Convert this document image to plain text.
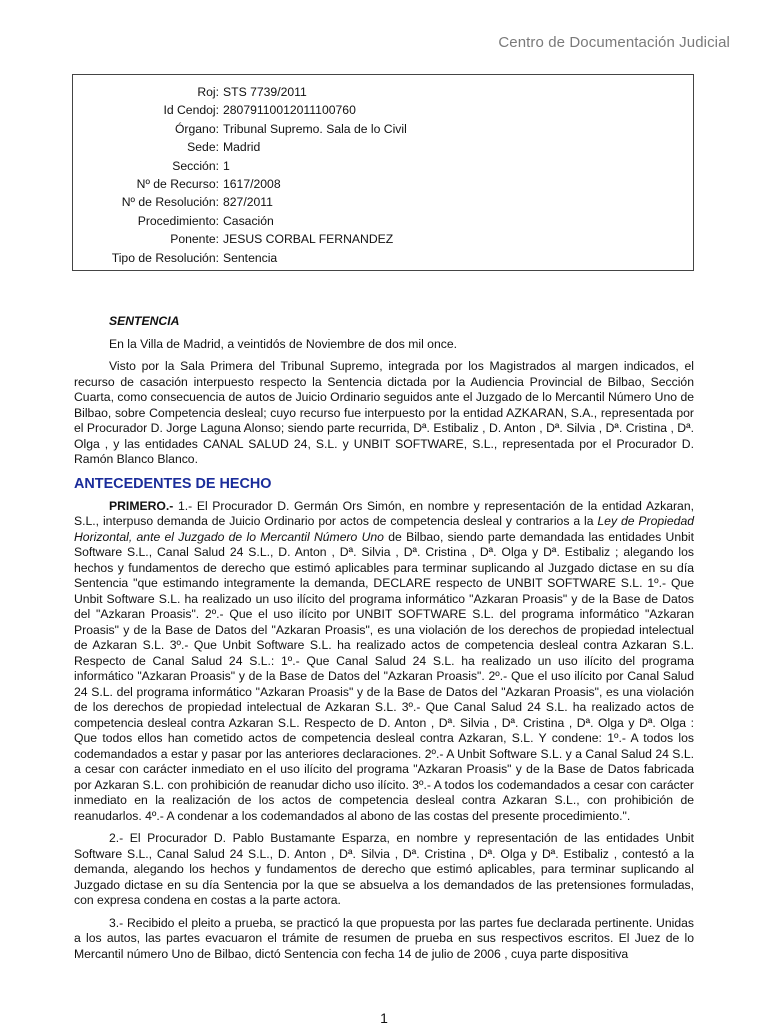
Centro de Documentación Judicial
Roj:	STS 7739/2011
Id Cendoj:	28079110012011100760
Órgano:	Tribunal Supremo. Sala de lo Civil
Sede:	Madrid
Sección:	1
Nº de Recurso:	1617/2008
Nº de Resolución:	827/2011
Procedimiento:	Casación
Ponente:	JESUS CORBAL FERNANDEZ
Tipo de Resolución:	Sentencia

SENTENCIA

En la Villa de Madrid, a veintidós de Noviembre de dos mil once.

Visto por la Sala Primera del Tribunal Supremo, integrada por los Magistrados al margen indicados, el recurso de casación interpuesto respecto la Sentencia dictada por la Audiencia Provincial de Bilbao, Sección Cuarta, como consecuencia de autos de Juicio Ordinario seguidos ante el Juzgado de lo Mercantil Número Uno de Bilbao, sobre Competencia desleal; cuyo recurso fue interpuesto por la entidad AZKARAN, S.A., representada por el Procurador D. Jorge Laguna Alonso; siendo parte recurrida, Dª. Estibaliz , D. Anton , Dª. Silvia , Dª. Cristina , Dª. Olga , y las entidades CANAL SALUD 24, S.L. y UNBIT SOFTWARE, S.L., representada por el Procurador D. Ramón Blanco Blanco.

ANTECEDENTES DE HECHO

PRIMERO.- 1.- El Procurador D. Germán Ors Simón, en nombre y representación de la entidad Azkaran, S.L., interpuso demanda de Juicio Ordinario por actos de competencia desleal y contrarios a la Ley de Propiedad Horizontal, ante el Juzgado de lo Mercantil Número Uno de Bilbao, siendo parte demandada las entidades Unbit Software S.L., Canal Salud 24 S.L., D. Anton , Dª. Silvia , Dª. Cristina , Dª. Olga y Dª. Estibaliz ; alegando los hechos y fundamentos de derecho que estimó aplicables para terminar suplicando al Juzgado dictase en su día Sentencia "que estimando integramente la demanda, DECLARE respecto de UNBIT SOFTWARE S.L. 1º.- Que Unbit Software S.L. ha realizado un uso ilícito del programa informático "Azkaran Proasis" y de la Base de Datos del "Azkaran Proasis". 2º.- Que el uso ilícito por UNBIT SOFTWARE S.L. del programa informático "Azkaran Proasis" y de la Base de Datos del "Azkaran Proasis", es una violación de los derechos de propiedad intelectual de Azkaran S.L. 3º.- Que Unbit Software S.L. ha realizado actos de competencia desleal contra Azkaran S.L. Respecto de Canal Salud 24 S.L.: 1º.- Que Canal Salud 24 S.L. ha realizado un uso ilícito del programa informático "Azkaran Proasis" y de la Base de Datos del "Azkaran Proasis". 2º.- Que el uso ilícito por Canal Salud 24 S.L. del programa informático "Azkaran Proasis" y de la Base de Datos del "Azkaran Proasis", es una violación de los derechos de propiedad intelectual de Azkaran S.L. 3º.- Que Canal Salud 24 S.L. ha realizado actos de competencia desleal contra Azkaran S.L. Respecto de D. Anton , Dª. Silvia , Dª. Cristina , Dª. Olga y Dª. Olga : Que todos ellos han cometido actos de competencia desleal contra Azkaran, S.L. Y condene: 1º.- A todos los codemandados a estar y pasar por las anteriores declaraciones. 2º.- A Unbit Software S.L. y a Canal Salud 24 S.L. a cesar con carácter inmediato en el uso ilícito del programa "Azkaran Proasis" y de la Base de Datos fabricada por Azkaran S.L. con prohibición de reanudar dicho uso ilícito. 3º.- A todos los codemandados a cesar con carácter inmediato en la realización de los actos de competencia desleal contra Azkaran S.L., con prohibición de reanudarlos. 4º.- A condenar a los codemandados al abono de las costas del presente procedimiento.".

2.- El Procurador D. Pablo Bustamante Esparza, en nombre y representación de las entidades Unbit Software S.L., Canal Salud 24 S.L., D. Anton , Dª. Silvia , Dª. Cristina , Dª. Olga y Dª. Estibaliz , contestó a la demanda, alegando los hechos y fundamentos de derecho que estimó aplicables, para terminar suplicando al Juzgado dictase en su día Sentencia por la que se absuelva a los demandados de las pretensiones formuladas, con expresa condena en costas a la parte actora.

3.- Recibido el pleito a prueba, se practicó la que propuesta por las partes fue declarada pertinente. Unidas a los autos, las partes evacuaron el trámite de resumen de prueba en sus respectivos escritos. El Juez de lo Mercantil número Uno de Bilbao, dictó Sentencia con fecha 14 de julio de 2006 , cuya parte dispositiva

1
